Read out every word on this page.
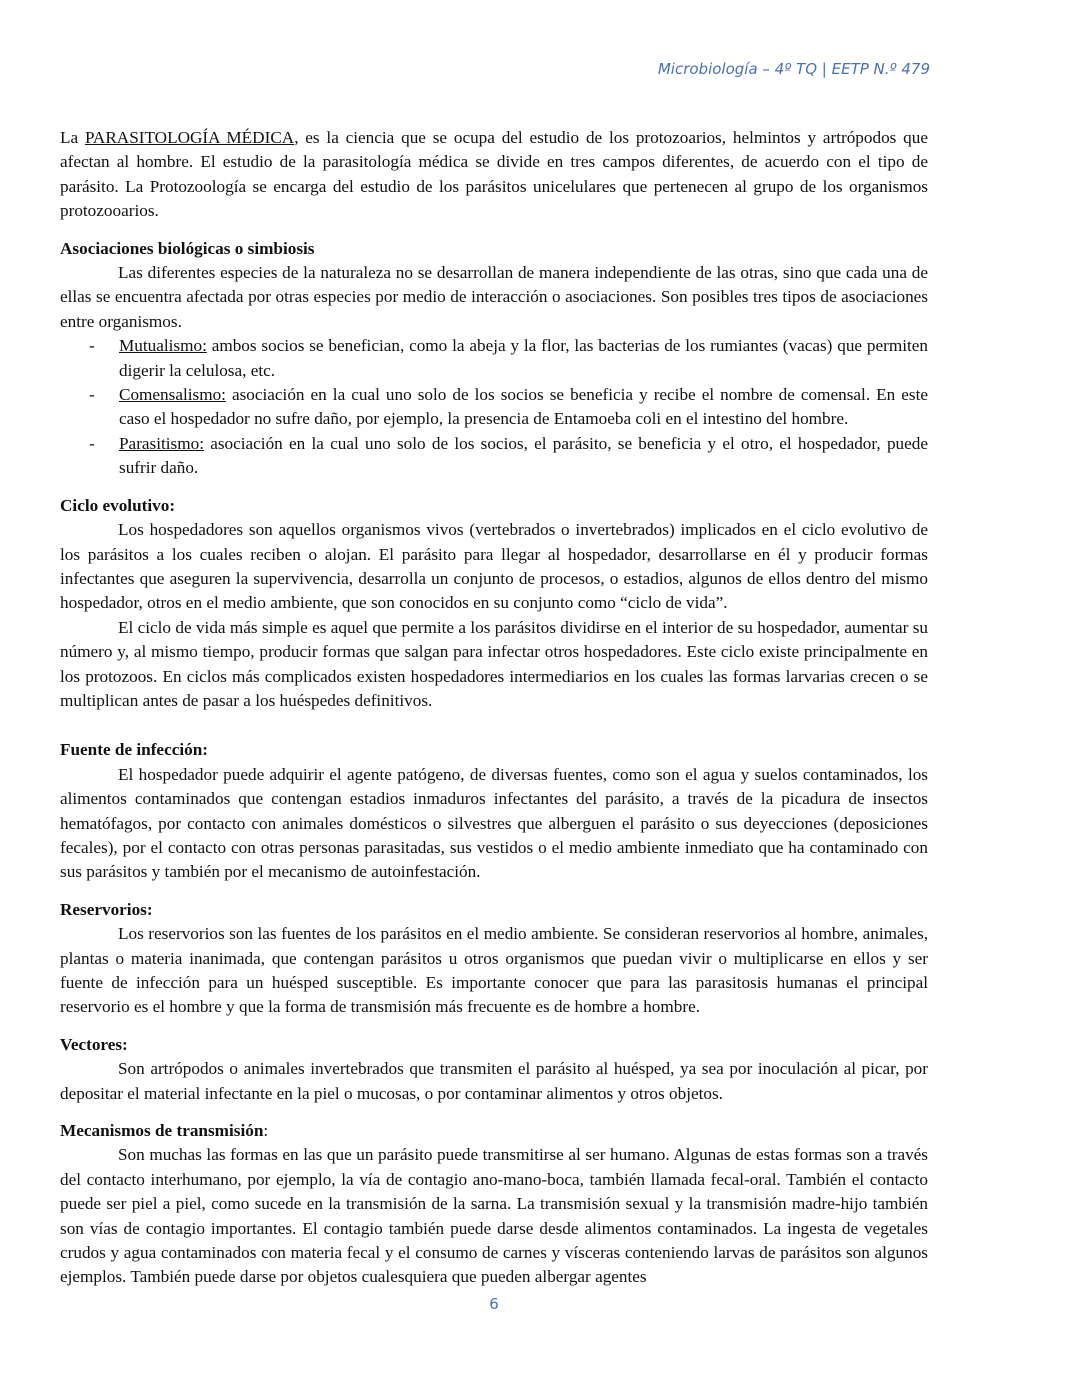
Microbiología – 4º TQ | EETP N.º 479

La PARASITOLOGÍA MÉDICA, es la ciencia que se ocupa del estudio de los protozoarios, helmintos y artrópodos que afectan al hombre. El estudio de la parasitología médica se divide en tres campos diferentes, de acuerdo con el tipo de parásito. La Protozoología se encarga del estudio de los parásitos unicelulares que pertenecen al grupo de los organismos protozooarios.

Asociaciones biológicas o simbiosis

Las diferentes especies de la naturaleza no se desarrollan de manera independiente de las otras, sino que cada una de ellas se encuentra afectada por otras especies por medio de interacción o asociaciones. Son posibles tres tipos de asociaciones entre organismos.

- Mutualismo: ambos socios se benefician, como la abeja y la flor, las bacterias de los rumiantes (vacas) que permiten digerir la celulosa, etc.
- Comensalismo: asociación en la cual uno solo de los socios se beneficia y recibe el nombre de comensal. En este caso el hospedador no sufre daño, por ejemplo, la presencia de Entamoeba coli en el intestino del hombre.
- Parasitismo: asociación en la cual uno solo de los socios, el parásito, se beneficia y el otro, el hospedador, puede sufrir daño.
Ciclo evolutivo:

Los hospedadores son aquellos organismos vivos (vertebrados o invertebrados) implicados en el ciclo evolutivo de los parásitos a los cuales reciben o alojan. El parásito para llegar al hospedador, desarrollarse en él y producir formas infectantes que aseguren la supervivencia, desarrolla un conjunto de procesos, o estadios, algunos de ellos dentro del mismo hospedador, otros en el medio ambiente, que son conocidos en su conjunto como “ciclo de vida”.

El ciclo de vida más simple es aquel que permite a los parásitos dividirse en el interior de su hospedador, aumentar su número y, al mismo tiempo, producir formas que salgan para infectar otros hospedadores. Este ciclo existe principalmente en los protozoos. En ciclos más complicados existen hospedadores intermediarios en los cuales las formas larvarias crecen o se multiplican antes de pasar a los huéspedes definitivos.

Fuente de infección:

El hospedador puede adquirir el agente patógeno, de diversas fuentes, como son el agua y suelos contaminados, los alimentos contaminados que contengan estadios inmaduros infectantes del parásito, a través de la picadura de insectos hematófagos, por contacto con animales domésticos o silvestres que alberguen el parásito o sus deyecciones (deposiciones fecales), por el contacto con otras personas parasitadas, sus vestidos o el medio ambiente inmediato que ha contaminado con sus parásitos y también por el mecanismo de autoinfestación.

Reservorios:

Los reservorios son las fuentes de los parásitos en el medio ambiente. Se consideran reservorios al hombre, animales, plantas o materia inanimada, que contengan parásitos u otros organismos que puedan vivir o multiplicarse en ellos y ser fuente de infección para un huésped susceptible. Es importante conocer que para las parasitosis humanas el principal reservorio es el hombre y que la forma de transmisión más frecuente es de hombre a hombre.

Vectores:

Son artrópodos o animales invertebrados que transmiten el parásito al huésped, ya sea por inoculación al picar, por depositar el material infectante en la piel o mucosas, o por contaminar alimentos y otros objetos.

Mecanismos de transmisión:

Son muchas las formas en las que un parásito puede transmitirse al ser humano. Algunas de estas formas son a través del contacto interhumano, por ejemplo, la vía de contagio ano-mano-boca, también llamada fecal-oral. También el contacto puede ser piel a piel, como sucede en la transmisión de la sarna. La transmisión sexual y la transmisión madre-hijo también son vías de contagio importantes. El contagio también puede darse desde alimentos contaminados. La ingesta de vegetales crudos y agua contaminados con materia fecal y el consumo de carnes y vísceras conteniendo larvas de parásitos son algunos ejemplos. También puede darse por objetos cualesquiera que pueden albergar agentes

6
